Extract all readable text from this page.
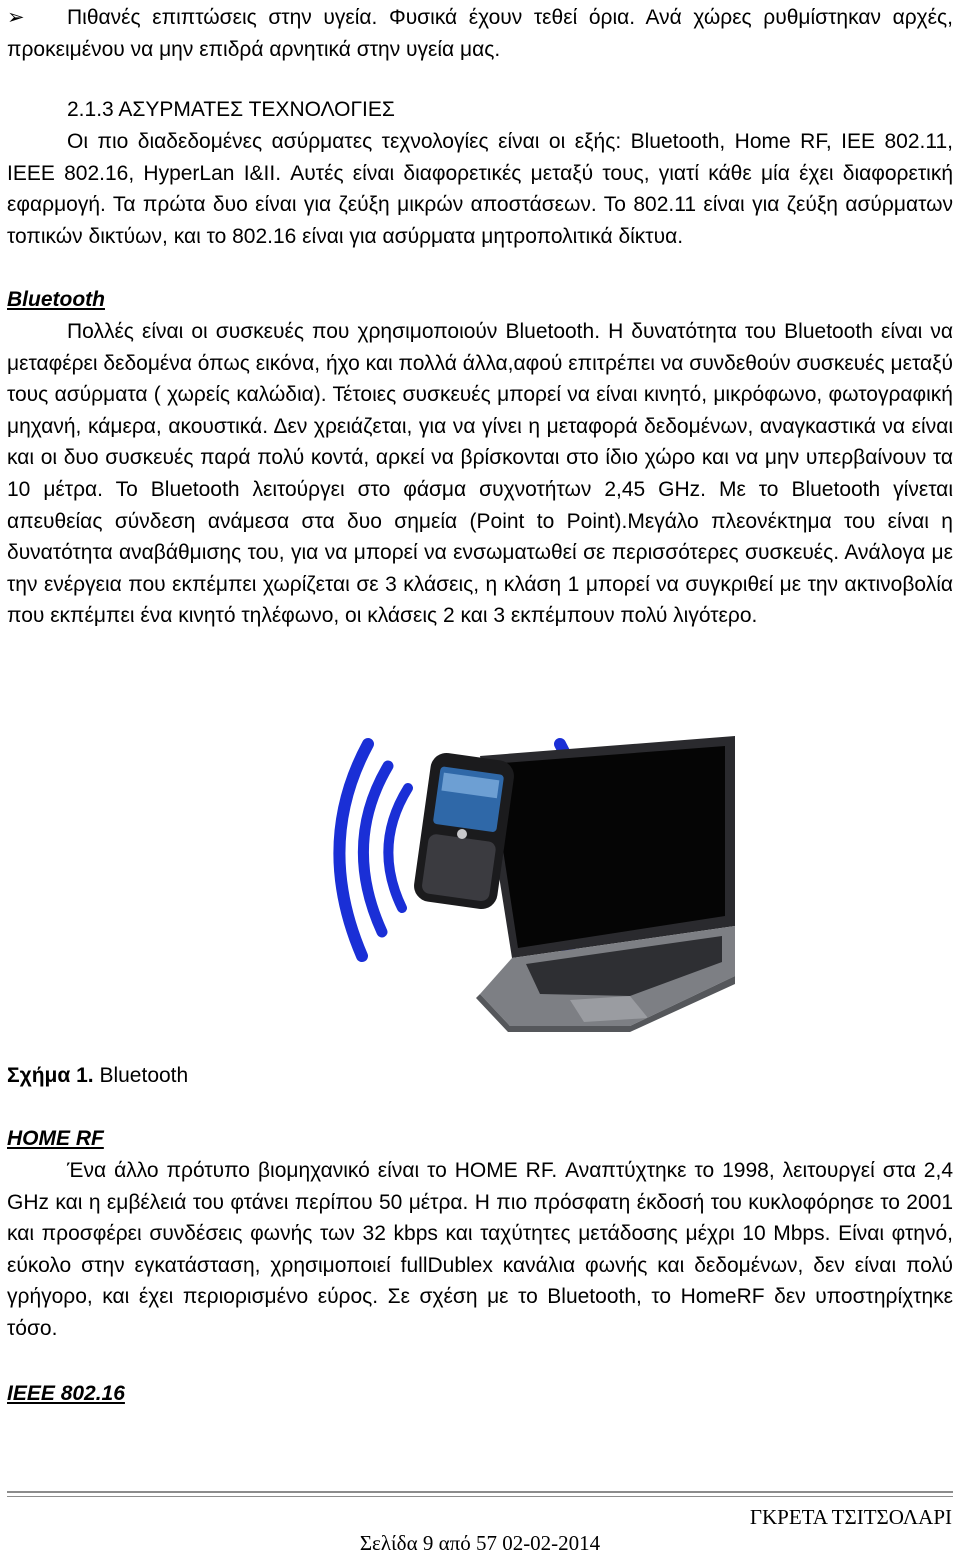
➢ Πιθανές επιπτώσεις στην υγεία. Φυσικά έχουν τεθεί όρια. Ανά χώρες ρυθμίστηκαν αρχές, προκειμένου να μην επιδρά αρνητικά στην υγεία μας.

2.1.3 ΑΣΥΡΜΑΤΕΣ ΤΕΧΝΟΛΟΓΙΕΣ

Οι πιο διαδεδομένες ασύρματες τεχνολογίες είναι οι εξής: Bluetooth, Home RF, IEE 802.11, IEEE 802.16, HyperLan I&II. Αυτές είναι διαφορετικές μεταξύ τους, γιατί κάθε μία έχει διαφορετική εφαρμογή. Τα πρώτα δυο είναι για ζεύξη μικρών αποστάσεων. Το 802.11 είναι για ζεύξη ασύρματων τοπικών δικτύων, και το 802.16 είναι για ασύρματα μητροπολιτικά δίκτυα.

Bluetooth

Πολλές είναι οι συσκευές που χρησιμοποιούν Bluetooth. Η δυνατότητα του Bluetooth είναι να μεταφέρει δεδομένα όπως εικόνα, ήχο και πολλά άλλα,αφού επιτρέπει να συνδεθούν συσκευές μεταξύ τους ασύρματα ( χωρείς καλώδια). Τέτοιες συσκευές μπορεί να είναι κινητό, μικρόφωνο, φωτογραφική μηχανή, κάμερα, ακουστικά. Δεν χρειάζεται, για να γίνει η μεταφορά δεδομένων, αναγκαστικά να είναι και οι δυο συσκευές παρά πολύ κοντά, αρκεί να βρίσκονται στο ίδιο χώρο και να μην υπερβαίνουν τα 10 μέτρα. Το Bluetooth λειτούργει στο φάσμα συχνοτήτων 2,45 GHz. Με το Bluetooth γίνεται απευθείας σύνδεση ανάμεσα στα δυο σημεία (Point to Point).Μεγάλο πλεονέκτημα του είναι η δυνατότητα αναβάθμισης του, για να μπορεί να ενσωματωθεί σε περισσότερες συσκευές. Ανάλογα με την ενέργεια που εκπέμπει χωρίζεται σε 3 κλάσεις, η κλάση 1 μπορεί να συγκριθεί με την ακτινοβολία που εκπέμπει ένα κινητό τηλέφωνο, οι κλάσεις 2 και 3 εκπέμπουν πολύ λιγότερο.

Σχήμα 1. Bluetooth

HOME RF

Ένα άλλο πρότυπο βιομηχανικό είναι το HOME RF. Αναπτύχτηκε το 1998, λειτουργεί στα 2,4 GHz και η εμβέλειά του φτάνει περίπου 50 μέτρα. Η πιο πρόσφατη έκδοσή του κυκλοφόρησε το 2001 και προσφέρει συνδέσεις φωνής των 32 kbps και ταχύτητες μετάδοσης μέχρι 10 Mbps. Είναι φτηνό, εύκολο στην εγκατάσταση, χρησιμοποιεί fullDublex κανάλια φωνής και δεδομένων, δεν είναι πολύ γρήγορο, και έχει περιορισμένο εύρος. Σε σχέση με το Bluetooth, το HomeRF δεν υποστηρίχτηκε τόσο.

IEEE 802.16

ΓΚΡΕΤΑ ΤΣΙΤΣΟΛΑΡΙ

Σελίδα 9 από 57 02-02-2014
